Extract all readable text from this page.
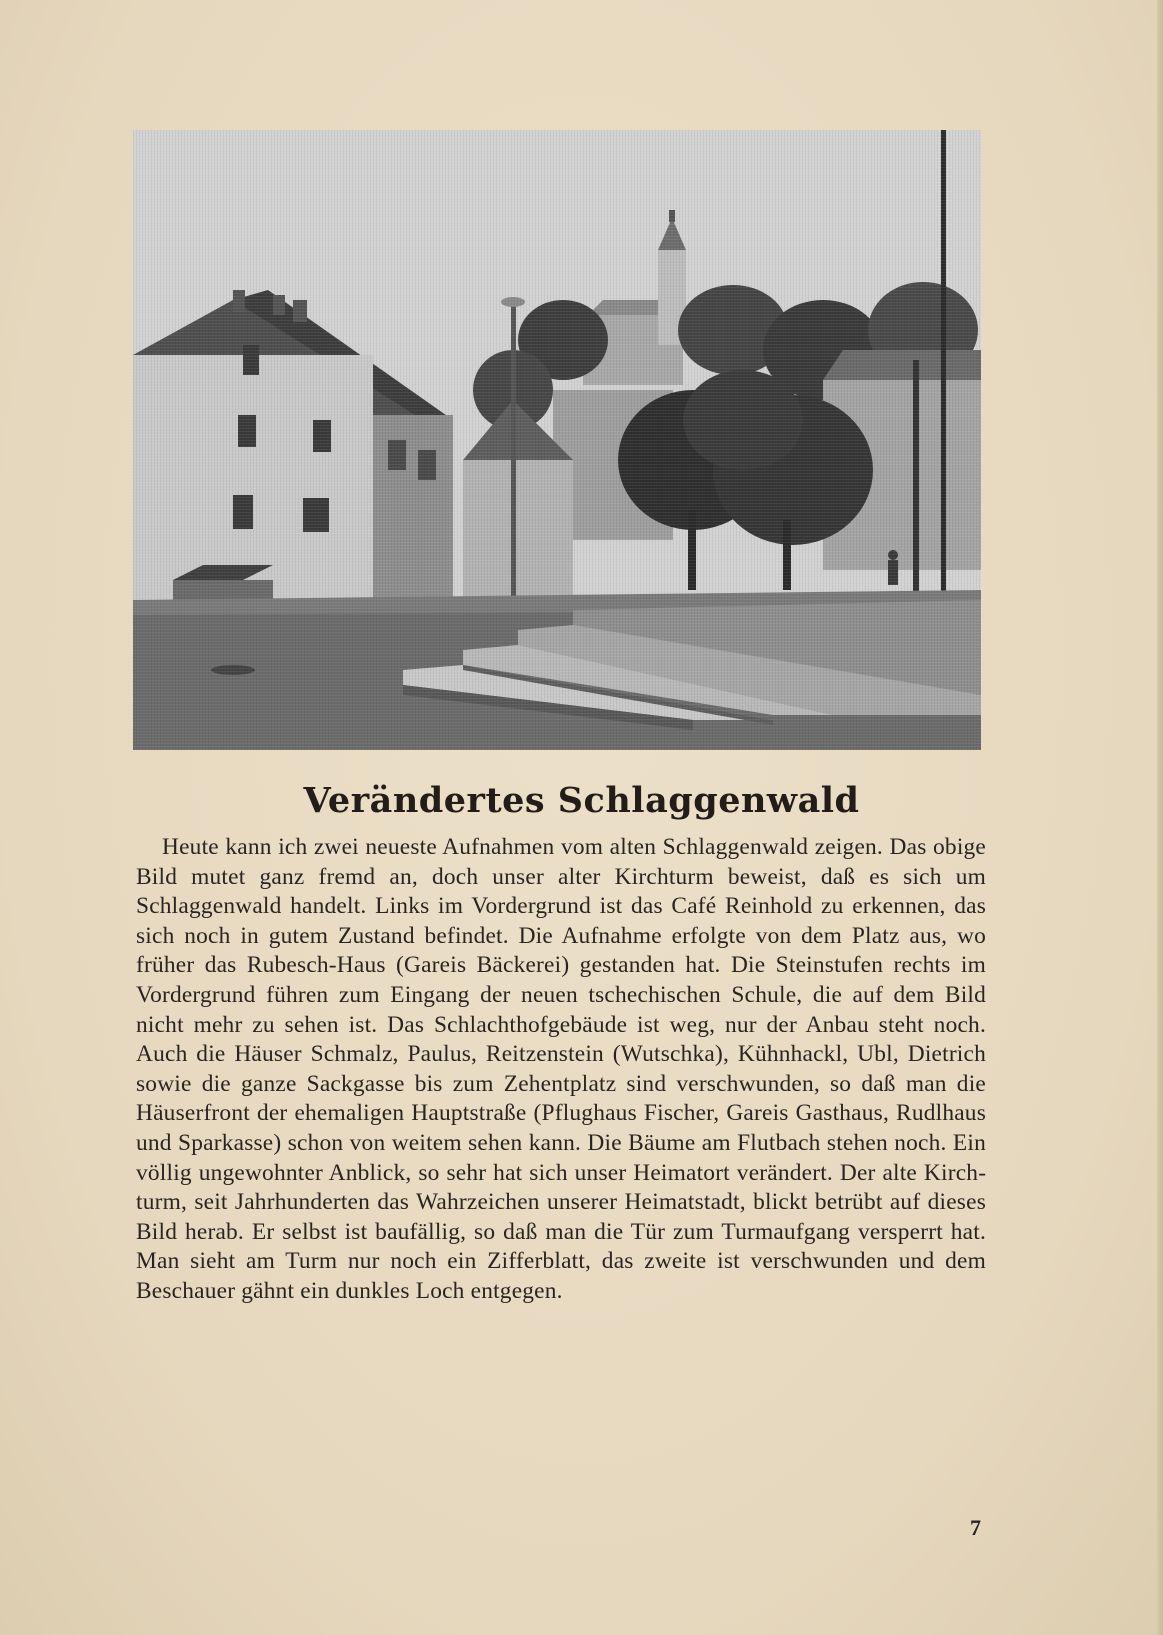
Verändertes Schlaggenwald

Heute kann ich zwei neueste Aufnahmen vom alten Schlaggenwald zeigen. Das obige Bild mutet ganz fremd an, doch unser alter Kirchturm beweist, daß es sich um Schlaggenwald handelt. Links im Vordergrund ist das Café Reinhold zu erkennen, das sich noch in gutem Zustand befindet. Die Aufnahme erfolgte von dem Platz aus, wo früher das Rubesch-Haus (Gareis Bäckerei) gestanden hat. Die Steinstufen rechts im Vordergrund führen zum Eingang der neuen tschechischen Schule, die auf dem Bild nicht mehr zu sehen ist. Das Schlachthofgebäude ist weg, nur der Anbau steht noch. Auch die Häuser Schmalz, Paulus, Reitzenstein (Wutschka), Kühnhackl, Ubl, Dietrich sowie die ganze Sackgasse bis zum Zehentplatz sind verschwunden, so daß man die Häuserfront der ehemaligen Hauptstraße (Pflughaus Fischer, Gareis Gasthaus, Rudlhaus und Sparkasse) schon von weitem sehen kann. Die Bäume am Flutbach stehen noch. Ein völlig ungewohnter Anblick, so sehr hat sich unser Heimatort verändert. Der alte Kirchturm, seit Jahrhunderten das Wahrzeichen unserer Heimatstadt, blickt betrübt auf dieses Bild herab. Er selbst ist baufällig, so daß man die Tür zum Turmaufgang versperrt hat. Man sieht am Turm nur noch ein Zifferblatt, das zweite ist verschwunden und dem Beschauer gähnt ein dunkles Loch entgegen.

7
